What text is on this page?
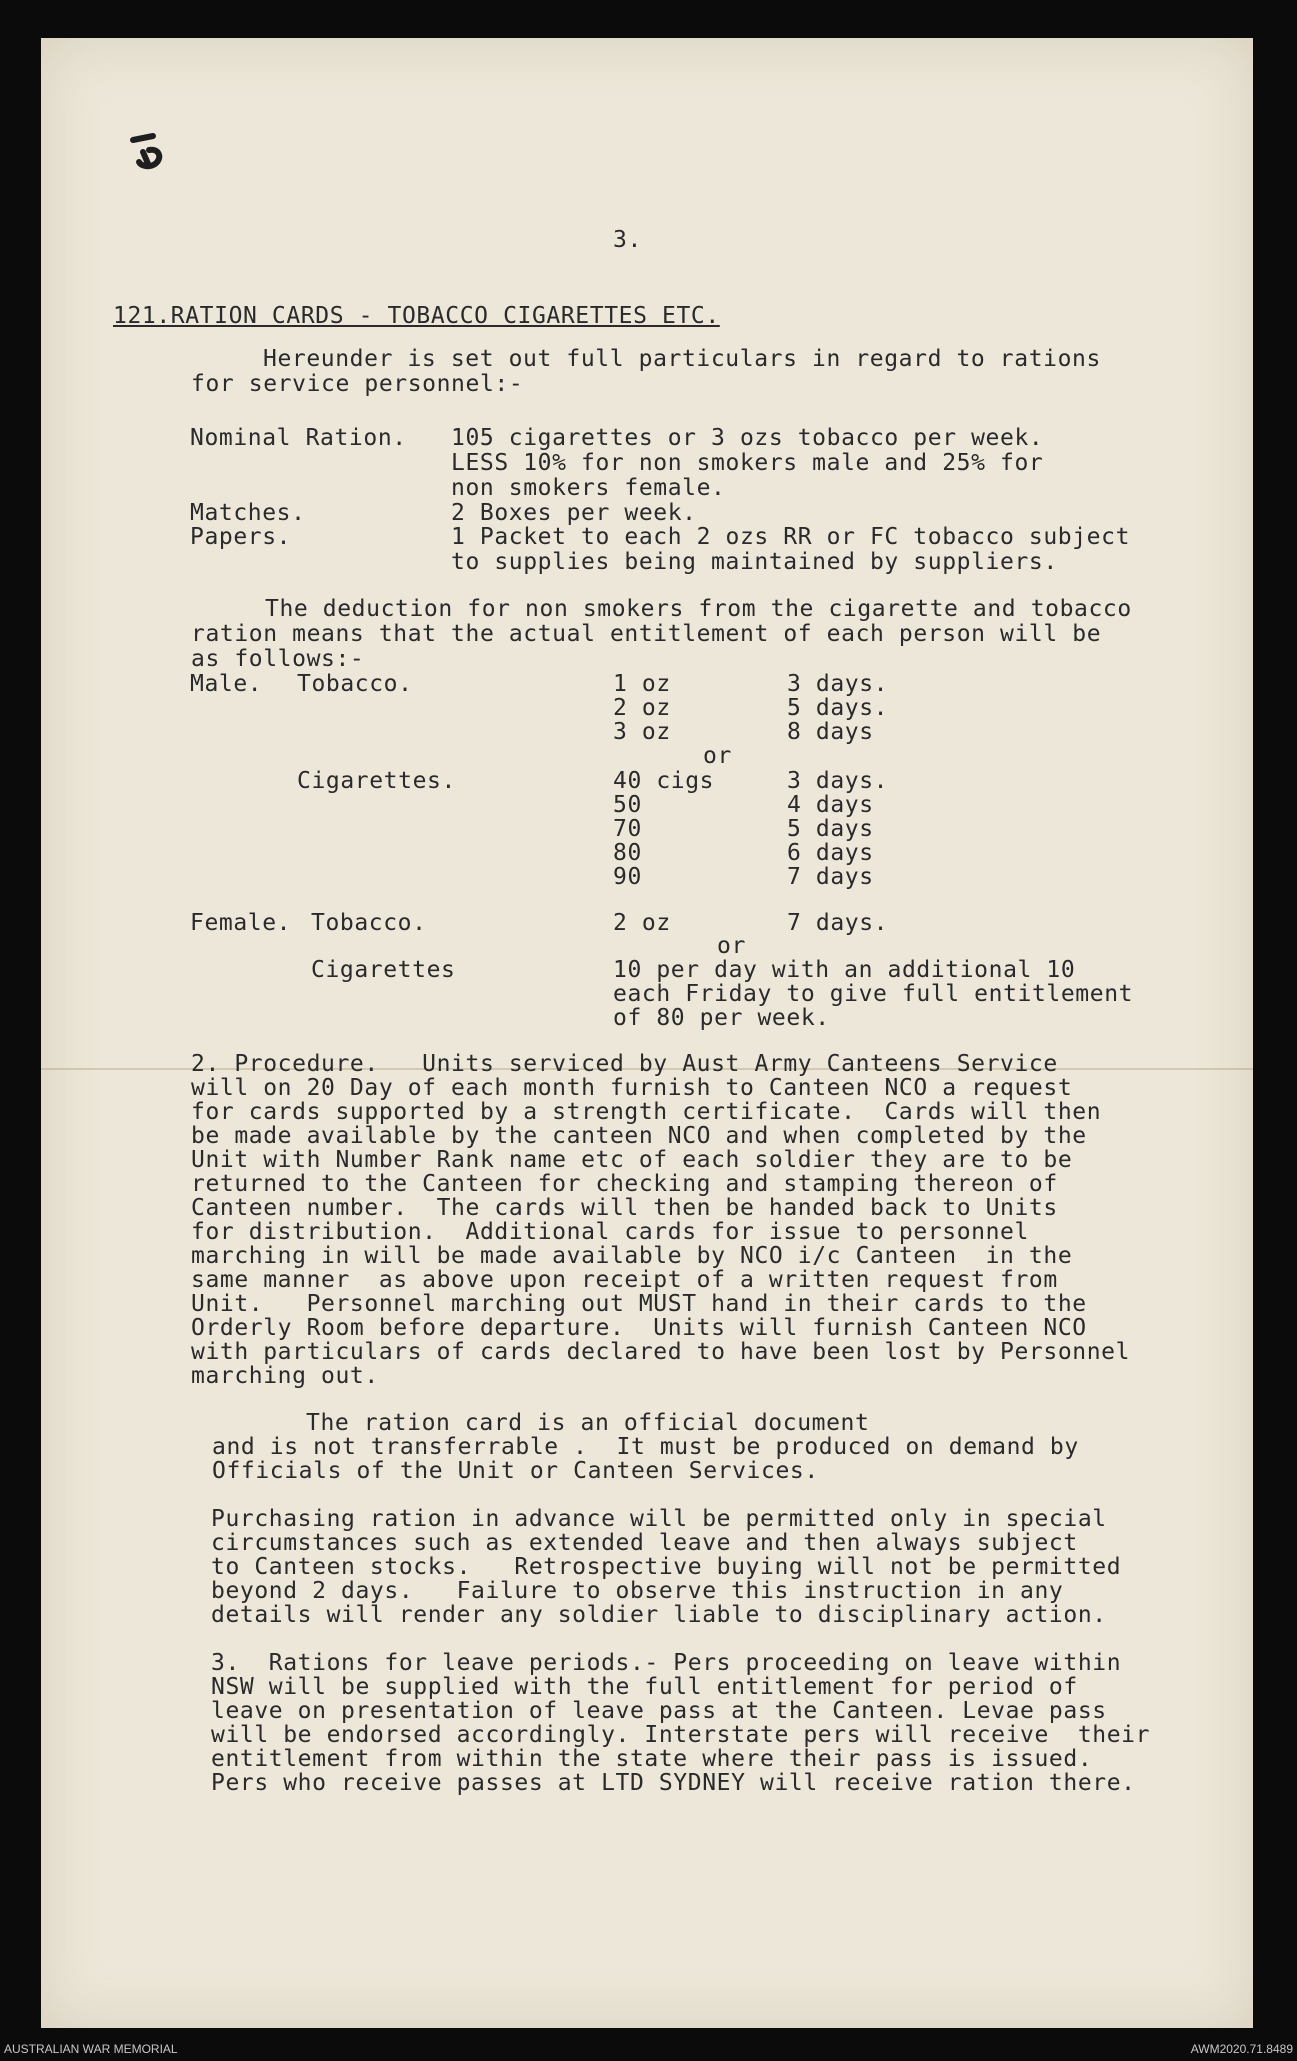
3.
121.RATION CARDS - TOBACCO CIGARETTES ETC.
Hereunder is set out full particulars in regard to rations
for service personnel:-
Nominal Ration. 105 cigarettes or 3 ozs tobacco per week.
LESS 10% for non smokers male and 25% for
non smokers female.
Matches.	2 Boxes per week.
Papers.	1 Packet to each 2 ozs RR or FC tobacco subject
to supplies being maintained by suppliers.
The deduction for non smokers from the cigarette and tobacco
ration means that the actual entitlement of each person will be
as follows:-
Male. Tobacco.	1 oz	3 days.
2 oz	5 days.
3 oz	8 days
or
Cigarettes.	40 cigs	3 days.
50	4 days
70	5 days
80	6 days
90	7 days
Female. Tobacco.	2 oz	7 days.
or
Cigarettes	10 per day with an additional 10
each Friday to give full entitlement
of 80 per week.
2. Procedure.   Units serviced by Aust Army Canteens Service
will on 20 Day of each month furnish to Canteen NCO a request
for cards supported by a strength certificate.  Cards will then
be made available by the canteen NCO and when completed by the
Unit with Number Rank name etc of each soldier they are to be
returned to the Canteen for checking and stamping thereon of
Canteen number.  The cards will then be handed back to Units
for distribution.  Additional cards for issue to personnel
marching in will be made available by NCO i/c Canteen  in the
same manner  as above upon receipt of a written request from
Unit.   Personnel marching out MUST hand in their cards to the
Orderly Room before departure.  Units will furnish Canteen NCO
with particulars of cards declared to have been lost by Personnel
marching out.
The ration card is an official document
and is not transferrable .  It must be produced on demand by
Officials of the Unit or Canteen Services.
Purchasing ration in advance will be permitted only in special
circumstances such as extended leave and then always subject
to Canteen stocks.   Retrospective buying will not be permitted
beyond 2 days.   Failure to observe this instruction in any
details will render any soldier liable to disciplinary action.
3.  Rations for leave periods.- Pers proceeding on leave within
NSW will be supplied with the full entitlement for period of
leave on presentation of leave pass at the Canteen. Levae pass
will be endorsed accordingly. Interstate pers will receive  their
entitlement from within the state where their pass is issued.
Pers who receive passes at LTD SYDNEY will receive ration there.
AUSTRALIAN WAR MEMORIAL	AWM2020.71.8489
